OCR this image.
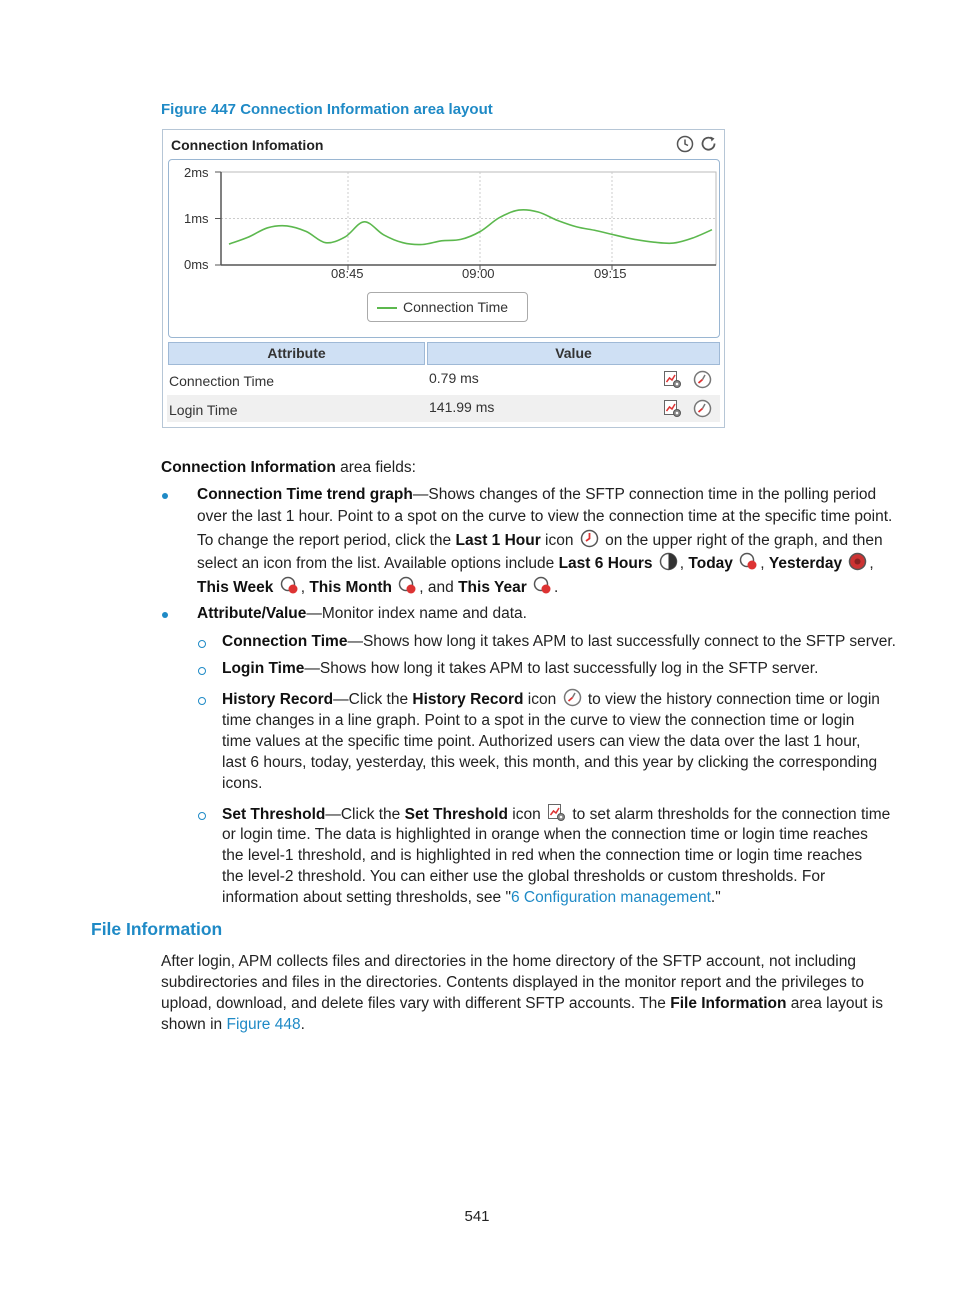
Figure 447 Connection Information area layout
Connection Infomation
2ms
1ms
0ms
08:45	09:00	09:15
Connection Time
Attribute	Value
Connection Time	0.79 ms
Login Time	141.99 ms
Connection Information area fields:
Connection Time trend graph—Shows changes of the SFTP connection time in the polling period
over the last 1 hour. Point to a spot on the curve to view the connection time at the specific time point.
To change the report period, click the Last 1 Hour icon  on the upper right of the graph, and then
select an icon from the list. Available options include Last 6 Hours , Today , Yesterday ,
This Week , This Month , and This Year .
Attribute/Value—Monitor index name and data.
Connection Time—Shows how long it takes APM to last successfully connect to the SFTP server.
Login Time—Shows how long it takes APM to last successfully log in the SFTP server.
History Record—Click the History Record icon  to view the history connection time or login
time changes in a line graph. Point to a spot in the curve to view the connection time or login
time values at the specific time point. Authorized users can view the data over the last 1 hour,
last 6 hours, today, yesterday, this week, this month, and this year by clicking the corresponding
icons.
Set Threshold—Click the Set Threshold icon  to set alarm thresholds for the connection time
or login time. The data is highlighted in orange when the connection time or login time reaches
the level-1 threshold, and is highlighted in red when the connection time or login time reaches
the level-2 threshold. You can either use the global thresholds or custom thresholds. For
information about setting thresholds, see "6 Configuration management."
File Information
After login, APM collects files and directories in the home directory of the SFTP account, not including
subdirectories and files in the directories. Contents displayed in the monitor report and the privileges to
upload, download, and delete files vary with different SFTP accounts. The File Information area layout is
shown in Figure 448.
541
